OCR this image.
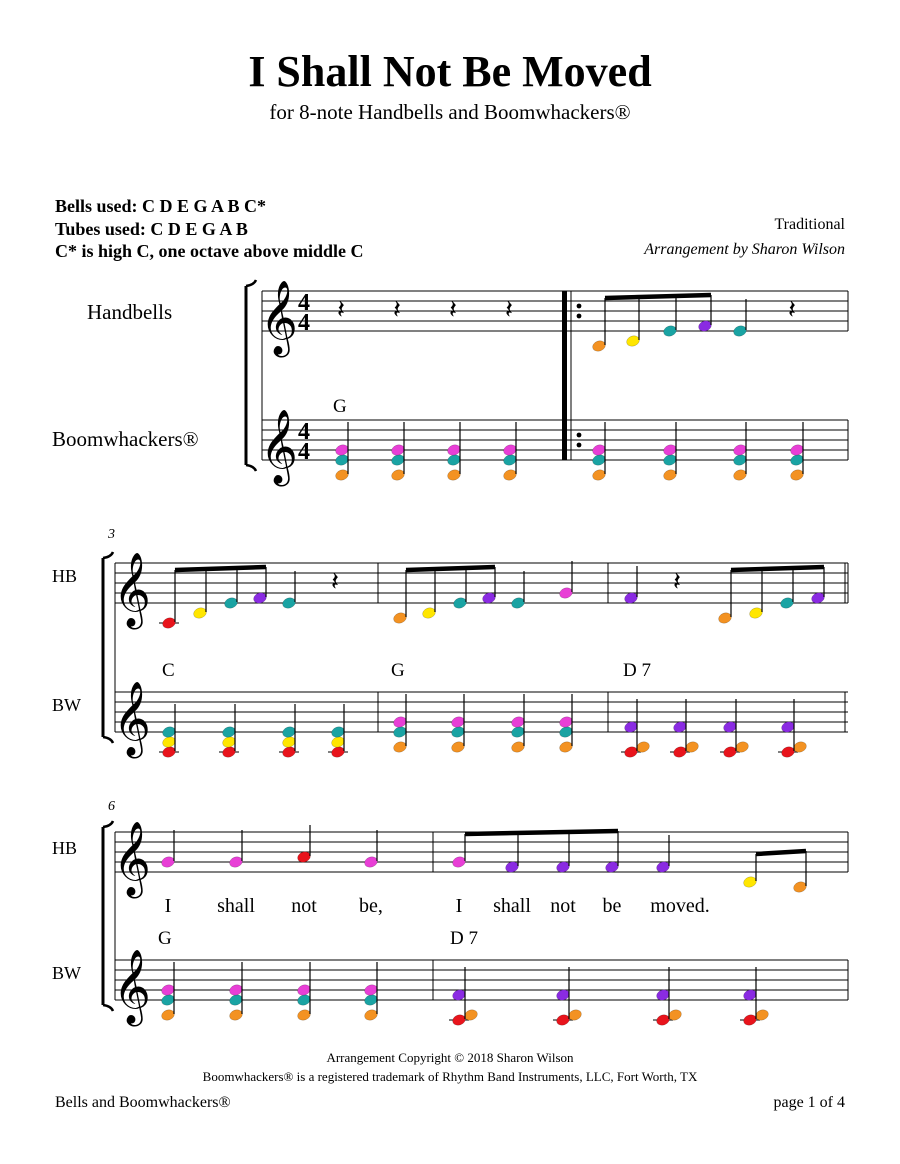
I Shall Not Be Moved
for 8-note Handbells and Boomwhackers®
Bells used: C D E G A B C*
Tubes used: C D E G A B
C* is high C, one octave above middle C
Traditional
Arrangement by Sharon Wilson
Handbells
Boomwhackers®
HB
BW
HB
BW
𝄞
𝄞
4
4
4
4
𝄽 𝄽 𝄽 𝄽
G
𝄽
𝄞
𝄞
3
𝄽	𝄽
C	G	D 7
𝄞
𝄞
6
I shall not be,	I shall not be moved.
G	D 7
Arrangement Copyright © 2018 Sharon Wilson
Boomwhackers® is a registered trademark of Rhythm Band Instruments, LLC, Fort Worth, TX
Bells and Boomwhackers®	page 1 of 4
